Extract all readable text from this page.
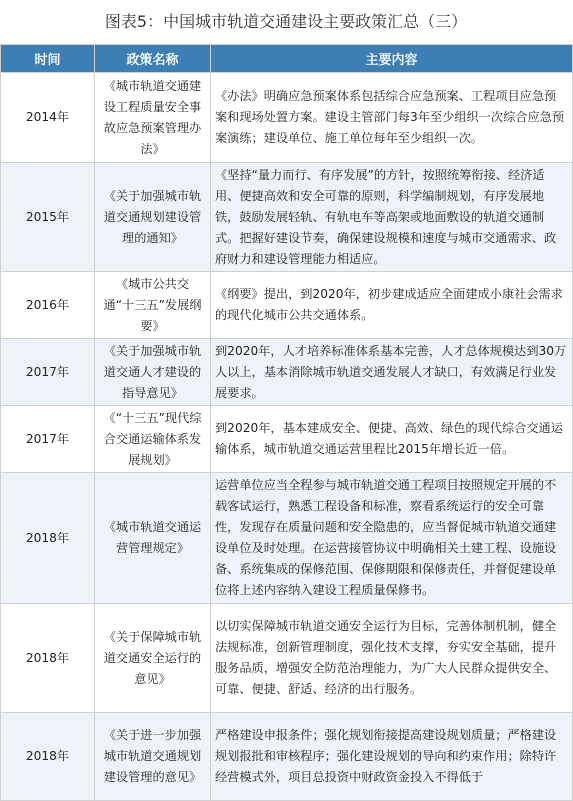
图表5：中国城市轨道交通建设主要政策汇总（三）
时间	政策名称	主要内容
2014年	《城市轨道交通建设工程质量安全事故应急预案管理办法》	《办法》明确应急预案体系包括综合应急预案、工程项目应急预案和现场处置方案。建设主管部门每3年至少组织一次综合应急预案演练；建设单位、施工单位每年至少组织一次。
2015年	《关于加强城市轨道交通规划建设管理的通知》	《坚持“量力而行、有序发展”的方针，按照统筹衔接、经济适用、便捷高效和安全可靠的原则，科学编制规划，有序发展地铁，鼓励发展轻轨、有轨电车等高架或地面敷设的轨道交通制式。把握好建设节奏，确保建设规模和速度与城市交通需求、政府财力和建设管理能力相适应。
2016年	《城市公共交通“十三五”发展纲要》	《纲要》提出，到2020年，初步建成适应全面建成小康社会需求的现代化城市公共交通体系。
2017年	《关于加强城市轨道交通人才建设的指导意见》	到2020年，人才培养标准体系基本完善，人才总体规模达到30万人以上，基本消除城市轨道交通发展人才缺口，有效满足行业发展要求。
2017年	《“十三五”现代综合交通运输体系发展规划》	到2020年，基本建成安全、便捷、高效、绿色的现代综合交通运输体系，城市轨道交通运营里程比2015年增长近一倍。
2018年	《城市轨道交通运营管理规定》	运营单位应当全程参与城市轨道交通工程项目按照规定开展的不载客试运行，熟悉工程设备和标准，察看系统运行的安全可靠性，发现存在质量问题和安全隐患的，应当督促城市轨道交通建设单位及时处理。在运营接管协议中明确相关土建工程、设施设备、系统集成的保修范围、保修期限和保修责任，并督促建设单位将上述内容纳入建设工程质量保修书。
2018年	《关于保障城市轨道交通安全运行的意见》	以切实保障城市轨道交通安全运行为目标，完善体制机制，健全法规标准，创新管理制度，强化技术支撑，夯实安全基础，提升服务品质，增强安全防范治理能力，为广大人民群众提供安全、可靠、便捷、舒适、经济的出行服务。
2018年	《关于进一步加强城市轨道交通规划建设管理的意见》	严格建设申报条件；强化规划衔接提高建设规划质量；严格建设规划报批和审核程序；强化建设规划的导向和约束作用；除特许经营模式外，项目总投资中财政资金投入不得低于
